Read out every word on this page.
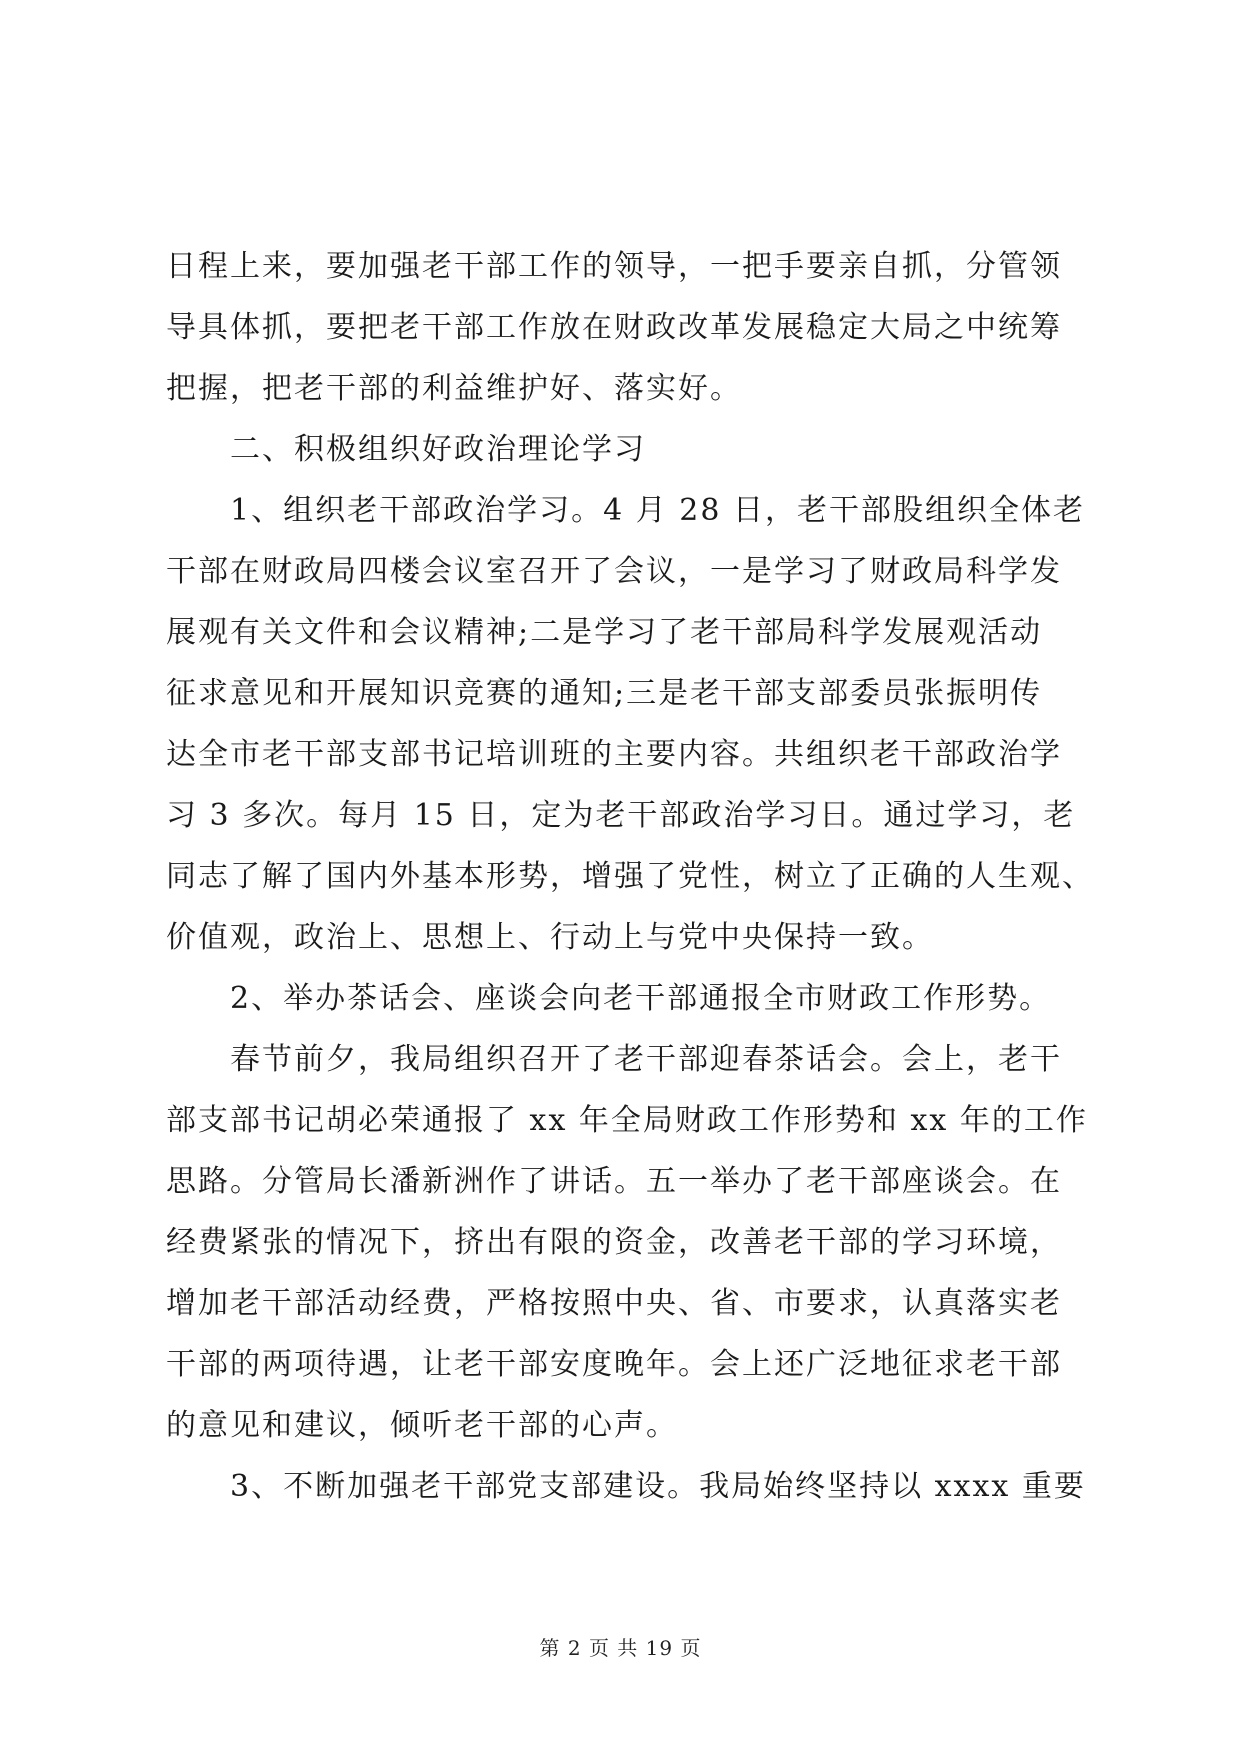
日程上来，要加强老干部工作的领导，一把手要亲自抓，分管领
导具体抓，要把老干部工作放在财政改革发展稳定大局之中统筹
把握，把老干部的利益维护好、落实好。
二、积极组织好政治理论学习
1、组织老干部政治学习。4 月 28 日，老干部股组织全体老
干部在财政局四楼会议室召开了会议，一是学习了财政局科学发
展观有关文件和会议精神;二是学习了老干部局科学发展观活动
征求意见和开展知识竞赛的通知;三是老干部支部委员张振明传
达全市老干部支部书记培训班的主要内容。共组织老干部政治学
习 3 多次。每月 15 日，定为老干部政治学习日。通过学习，老
同志了解了国内外基本形势，增强了党性，树立了正确的人生观、
价值观，政治上、思想上、行动上与党中央保持一致。
2、举办茶话会、座谈会向老干部通报全市财政工作形势。
春节前夕，我局组织召开了老干部迎春茶话会。会上，老干
部支部书记胡必荣通报了 xx 年全局财政工作形势和 xx 年的工作
思路。分管局长潘新洲作了讲话。五一举办了老干部座谈会。在
经费紧张的情况下，挤出有限的资金，改善老干部的学习环境，
增加老干部活动经费，严格按照中央、省、市要求，认真落实老
干部的两项待遇，让老干部安度晚年。会上还广泛地征求老干部
的意见和建议，倾听老干部的心声。
3、不断加强老干部党支部建设。我局始终坚持以 xxxx 重要
第 2 页 共 19 页
